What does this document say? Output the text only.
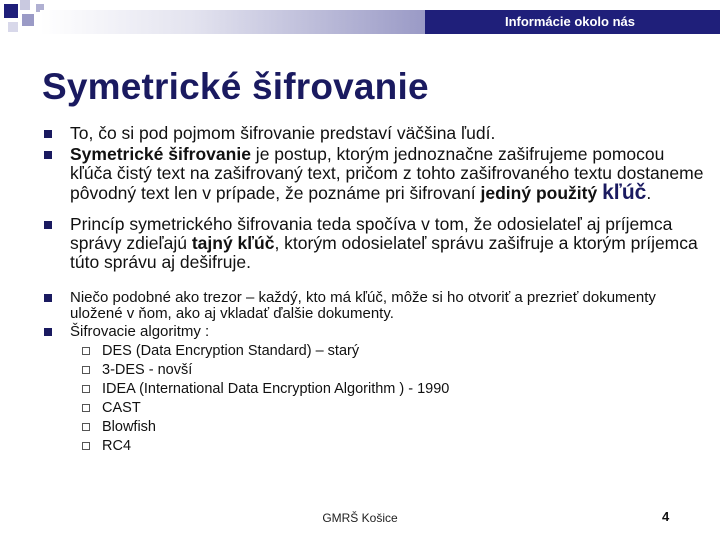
Informácie okolo nás
Symetrické šifrovanie
To, čo si pod pojmom šifrovanie predstaví väčšina ľudí.
Symetrické šifrovanie je postup, ktorým jednoznačne zašifrujeme pomocou kľúča čistý text na zašifrovaný text, pričom z tohto zašifrovaného textu dostaneme pôvodný text len v prípade, že poznáme pri šifrovaní jediný použitý kľúč.
Princíp symetrického šifrovania teda spočíva v tom, že odosielateľ aj príjemca správy zdieľajú tajný kľúč, ktorým odosielateľ správu zašifruje a ktorým príjemca túto správu aj dešifruje.
Niečo podobné ako trezor – každý, kto má kľúč, môže si ho otvoriť a prezrieť dokumenty uložené v ňom, ako aj vkladať ďalšie dokumenty.
Šifrovacie algoritmy :
DES (Data Encryption Standard) – starý
3-DES - novší
IDEA (International Data Encryption Algorithm ) - 1990
CAST
Blowfish
RC4
GMRŠ Košice	4
